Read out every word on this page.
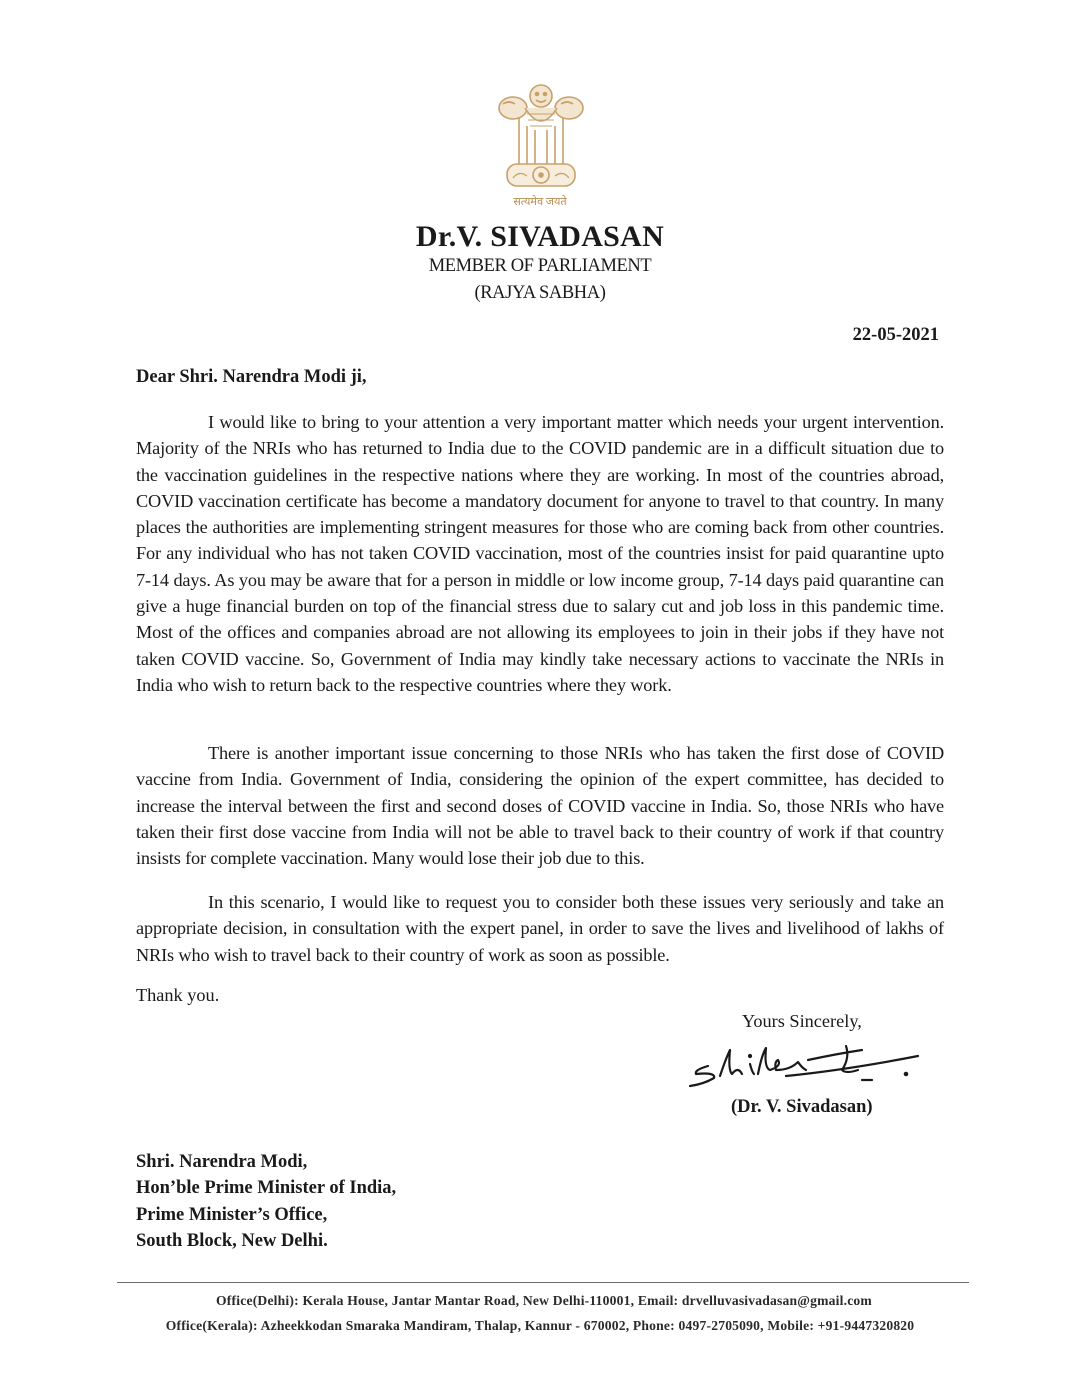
सत्यमेव जयते
Dr.V. SIVADASAN
MEMBER OF PARLIAMENT
(RAJYA SABHA)
22-05-2021
Dear Shri. Narendra Modi ji,
I would like to bring to your attention a very important matter which needs your urgent intervention. Majority of the NRIs who has returned to India due to the COVID pandemic are in a difficult situation due to the vaccination guidelines in the respective nations where they are working. In most of the countries abroad, COVID vaccination certificate has become a mandatory document for anyone to travel to that country. In many places the authorities are implementing stringent measures for those who are coming back from other countries. For any individual who has not taken COVID vaccination, most of the countries insist for paid quarantine upto 7-14 days. As you may be aware that for a person in middle or low income group, 7-14 days paid quarantine can give a huge financial burden on top of the financial stress due to salary cut and job loss in this pandemic time. Most of the offices and companies abroad are not allowing its employees to join in their jobs if they have not taken COVID vaccine. So, Government of India may kindly take necessary actions to vaccinate the NRIs in India who wish to return back to the respective countries where they work.
There is another important issue concerning to those NRIs who has taken the first dose of COVID vaccine from India. Government of India, considering the opinion of the expert committee, has decided to increase the interval between the first and second doses of COVID vaccine in India. So, those NRIs who have taken their first dose vaccine from India will not be able to travel back to their country of work if that country insists for complete vaccination. Many would lose their job due to this.
In this scenario, I would like to request you to consider both these issues very seriously and take an appropriate decision, in consultation with the expert panel, in order to save the lives and livelihood of lakhs of NRIs who wish to travel back to their country of work as soon as possible.
Thank you.
Yours Sincerely,
(Dr. V. Sivadasan)
Shri. Narendra Modi,
Hon’ble Prime Minister of India,
Prime Minister’s Office,
South Block, New Delhi.
Office(Delhi): Kerala House, Jantar Mantar Road, New Delhi-110001, Email: drvelluvasivadasan@gmail.com
Office(Kerala): Azheekkodan Smaraka Mandiram, Thalap, Kannur - 670002, Phone: 0497-2705090, Mobile: +91-9447320820
